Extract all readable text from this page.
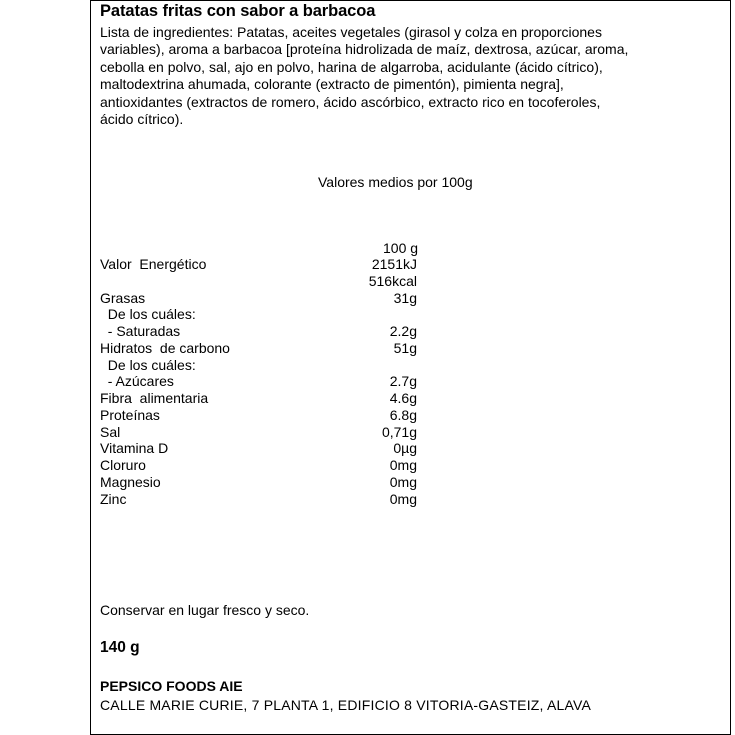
Patatas fritas con sabor a barbacoa
Lista de ingredientes: Patatas, aceites vegetales (girasol y colza en proporciones variables), aroma a barbacoa [proteína hidrolizada de maíz, dextrosa, azúcar, aroma, cebolla en polvo, sal, ajo en polvo, harina de algarroba, acidulante (ácido cítrico), maltodextrina ahumada, colorante (extracto de pimentón), pimienta negra], antioxidantes (extractos de romero, ácido ascórbico, extracto rico en tocoferoles, ácido cítrico).
Valores medios por 100g
100 g
Valor  Energético	2151kJ
516kcal
Grasas	31g
De los cuáles:
- Saturadas	2.2g
Hidratos  de carbono	51g
De los cuáles:
- Azúcares	2.7g
Fibra  alimentaria	4.6g
Proteínas	6.8g
Sal	0,71g
Vitamina D	0µg
Cloruro	0mg
Magnesio	0mg
Zinc	0mg
Conservar en lugar fresco y seco.
140 g
PEPSICO FOODS AIE
CALLE MARIE CURIE, 7 PLANTA 1, EDIFICIO 8 VITORIA-GASTEIZ, ALAVA
